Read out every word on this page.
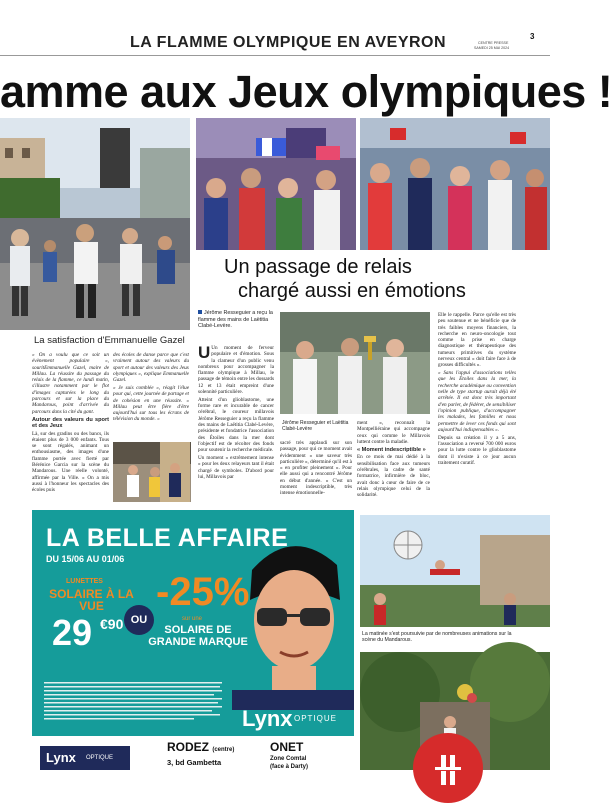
LA FLAMME OLYMPIQUE EN AVEYRON	3
CENTRE PRESSE
SAMEDI 25 MAI 2024
amme aux Jeux olympiques !
La satisfaction d'Emmanuelle Gazel
Un passage de relais
chargé aussi en émotions

« On a voulu que ce soit un évènement populaire », souritEmmanuelle Gazel, maire de Millau. La réussite du passage du relais de la flamme, ce lundi matin, s'illustre notamment par le flot d'images capturées le long du parcours et sur la place du Mandarous, point d'arrivée du parcours dans la cité du gant.

Autour des valeurs du sport et des Jeux

Là, sur des gradins ou des bancs, ils étaient plus de 3 000 enfants. Tous se sont régalés, animant un enthousiasme, des images d'une flamme portée avec fierté par Bérénice Garcia sur la scène du Mandarous. Une réelle volonté, affirmée par la Ville. « On a mis aussi à l'honneur les spectacles des écoles puis

des écoles de danse parce que c'est vraiment autour des valeurs du sport et autour des valeurs des Jeux olympiques », explique Emmanuelle Gazel.

« Je suis comblée », réagit l'élue pour qui, cette journée de partage et de cohésion en une réussite. « Millau peut être fière d'être aujourd'hui sur tous les écrans de télévision du monde. »

Jérôme Resseguier a reçu la flamme des mains de Laëtitia Clabé-Levère.

U Un moment de ferveur populaire et d'émotion. Sous la clameur d'un public venu nombreux pour accompagner la flamme olympique à Millau, le passage de témoin entre les dossards 12 et 13 était empreint d'une solennité particulière.

Atteint d'un glioblastome, une forme rare et incurable de cancer cérébral, le coureur millavois Jérôme Resseguier a reçu la flamme des mains de Laëtitia Clabé-Levère, présidente et fondatrice l'association des Étoiles dans la mer dont l'objectif est de récolter des fonds pour soutenir la recherche médicale.

Un moment « extrêmement intense » pour les deux relayeurs tant il était chargé de symboles. D'abord pour lui, Millavois par

Jérôme Resseguier et Laëtitia Clabé-Levère

sacré très applaudi sur son passage, pour qui ce moment avait évidemment « une saveur très particulière », déterminé qu'il est à « en profiter pleinement ». Pour elle aussi qui a rencontré Jérôme en début d'année. « C'est un moment indescriptible, très intense émotionnelle-

ment », reconnaît la Montpelliéraine qui accompagne ceux qui comme le Millavois luttent contre la maladie.

« Moment indescriptible »

En ce mois de mai dédié à la sensibilisation face aux tumeurs cérébrales, la cadre de santé formatrice, infirmière de bloc, avait donc à cœur de faire de ce relais olympique celui de la solidarité.

Elle le rappelle. Parce qu'elle est très peu soutenue et ne bénéficie que de très faibles moyens financiers, la recherche en neuro-oncologie tout comme la prise en charge diagnostique et thérapeutique des tumeurs primitives du système nerveux central « doit faire face à de grosses difficultés ».

« Sans l'appui d'associations telles que les Étoiles dans la mer, la recherche académique ou convention nelle de type startup aurait déjà été arrêtée. Il est donc très important d'en parler, de fédérer, de sensibiliser l'opinion publique, d'accompagner les malades, les familles et nous permettre de lever ces fonds qui sont aujourd'hui indispensables ».

Depuis sa création il y a 5 ans, l'association a reversé 700 000 euros pour la lutte contre le glioblastome dont il n'existe à ce jour aucun traitement curatif.

La matinée s'est poursuivie par de nombreuses animations sur la scène du Mandarous.
LA BELLE AFFAIRE
DU 15/06 AU 01/06
LUNETTES
SOLAIRE À LA VUE
29 €90 OU
-25%
sur une
SOLAIRE DE GRANDE MARQUE
Lynx OPTIQUE
Lynx OPTIQUE
RODEZ (centre)
3, bd Gambetta
ONET
Zone Comtal
(face à Darty)
